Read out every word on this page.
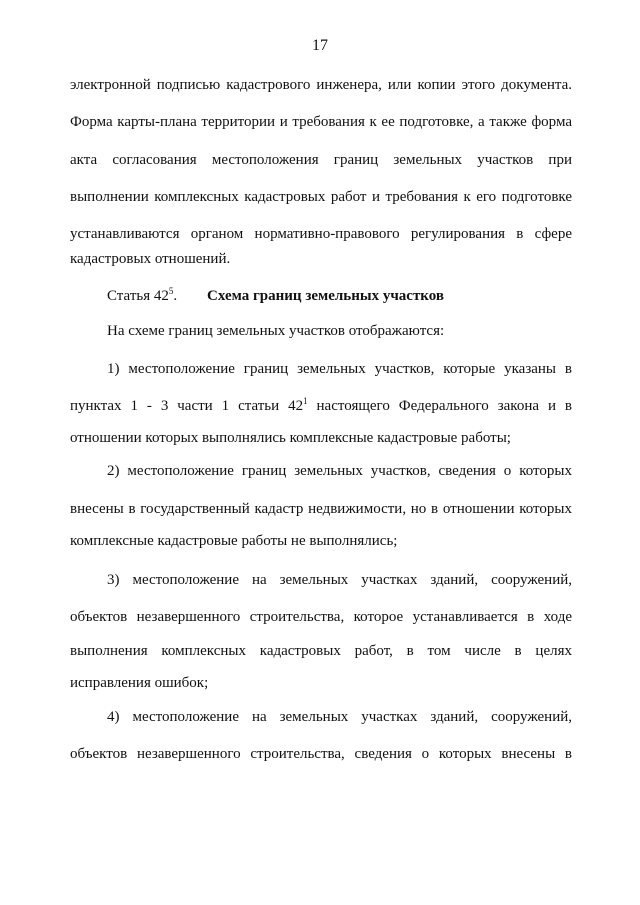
17
электронной подписью кадастрового инженера, или копии этого документа.
Форма карты-плана территории и требования к ее подготовке, а также форма
акта согласования местоположения границ земельных участков при
выполнении комплексных кадастровых работ и требования к его подготовке
устанавливаются органом нормативно-правового регулирования в сфере
кадастровых отношений.
Статья $42^5$. Схема границ земельных участков
На схеме границ земельных участков отображаются:
1) местоположение границ земельных участков, которые указаны в
пунктах 1 - 3 части 1 статьи $42^1$ настоящего Федерального закона и в
отношении которых выполнялись комплексные кадастровые работы;
2) местоположение границ земельных участков, сведения о которых
внесены в государственный кадастр недвижимости, но в отношении которых
комплексные кадастровые работы не выполнялись;
3) местоположение на земельных участках зданий, сооружений,
объектов незавершенного строительства, которое устанавливается в ходе
выполнения комплексных кадастровых работ, в том числе в целях
исправления ошибок;
4) местоположение на земельных участках зданий, сооружений,
объектов незавершенного строительства, сведения о которых внесены в
